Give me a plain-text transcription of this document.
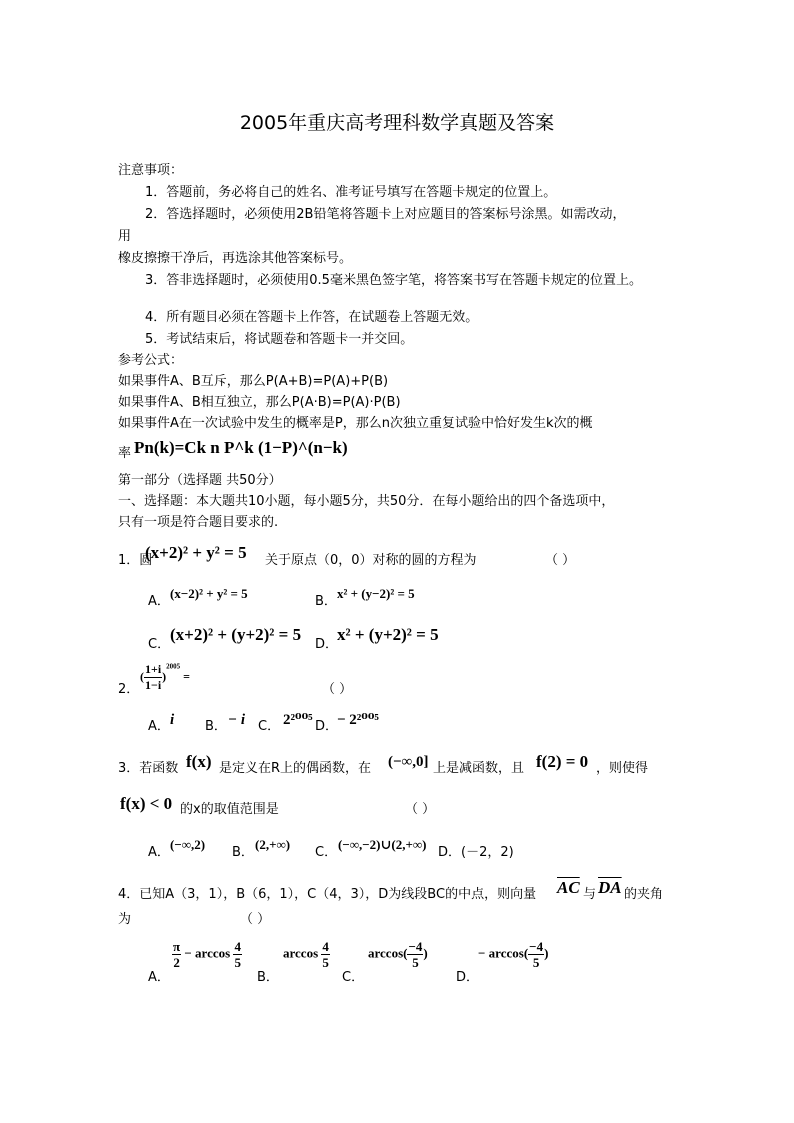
2005年重庆高考理科数学真题及答案
注意事项：
1．答题前，务必将自己的姓名、准考证号填写在答题卡规定的位置上。
2．答选择题时，必须使用2B铅笔将答题卡上对应题目的答案标号涂黑。如需改动，
用
橡皮擦擦干净后，再选涂其他答案标号。
3．答非选择题时，必须使用0.5毫米黑色签字笔，将答案书写在答题卡规定的位置上。
4．所有题目必须在答题卡上作答，在试题卷上答题无效。
5．考试结束后，将试题卷和答题卡一并交回。
参考公式：
如果事件A、B互斥，那么P(A+B)=P(A)+P(B)
如果事件A、B相互独立，那么P(A·B)=P(A)·P(B)
如果事件A在一次试验中发生的概率是P，那么n次独立重复试验中恰好发生k次的概
率 Pn(k)=Ck n P^k (1−P)^(n−k)
第一部分（选择题 共50分）
一、选择题：本大题共10小题，每小题5分，共50分．在每小题给出的四个备选项中，
只有一项是符合题目要求的.
1．圆
(x+2)² + y² = 5 关于原点（0，0）对称的圆的方程为	（ ）
A．
(x−2)² + y² = 5
B．
x² + (y−2)² = 5
C．
(x+2)² + (y+2)² = 5
D．
x² + (y+2)² = 5
2．
( $\frac{1+i}{1-i} )^{2005}$ =
（ ）
A． i B． − i C． 2²⁰⁰⁵ D．
− 2²⁰⁰⁵
3．若函数 f(x) 是定义在R上的偶函数，在 (−∞,0] 上是减函数，且 f(2) = 0 ，则使得
f(x) < 0 的x的取值范围是	（ ）
A．
(−∞,2)
B．
(2,+∞)
C．
(−∞,−2)∪(2,+∞)
D．(－2，2)
4．已知A（3，1），B（6，1），C（4，3），D为线段BC的中点，则向量 $\overline{AC}$ 与 $\overline{DA}$ 的夹角
为	（ ）
A．
$\frac{\pi}{2} - \arccos \frac{4}{5}$
B．
$\arccos \frac{4}{5}$
C．
$\arccos( \frac{-4}{5}$ )
D．
− $\arccos( \frac{-4}{5}$ )
